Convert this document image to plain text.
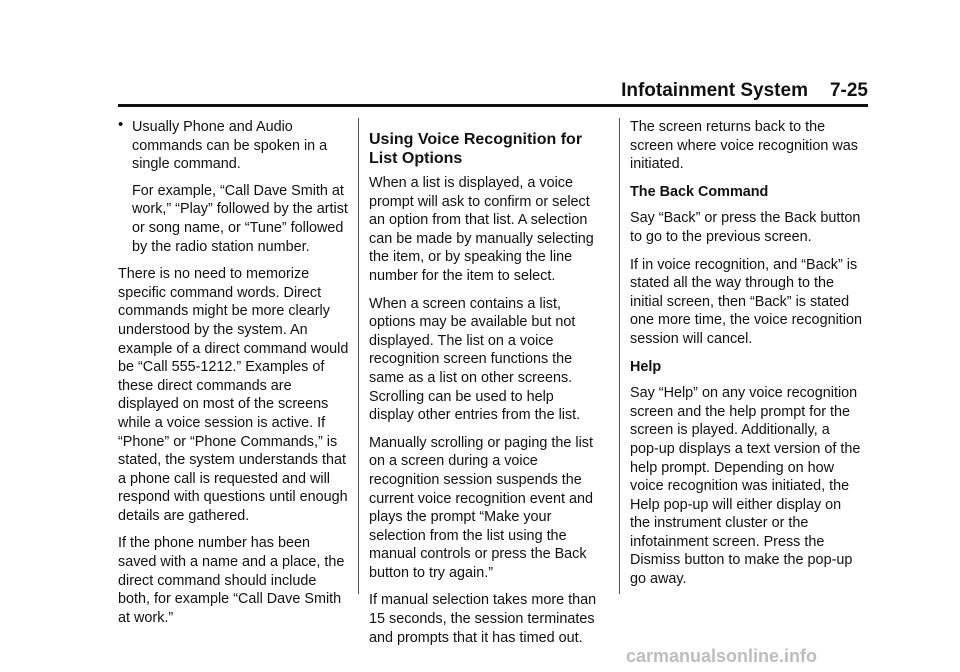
Infotainment System 7-25
• Usually Phone and Audio commands can be spoken in a single command.

For example, “Call Dave Smith at work,” “Play” followed by the artist or song name, or “Tune” followed by the radio station number.

There is no need to memorize specific command words. Direct commands might be more clearly understood by the system. An example of a direct command would be “Call 555-1212.” Examples of these direct commands are displayed on most of the screens while a voice session is active. If “Phone” or “Phone Commands,” is stated, the system understands that a phone call is requested and will respond with questions until enough details are gathered.

If the phone number has been saved with a name and a place, the direct command should include both, for example “Call Dave Smith at work.”

Using Voice Recognition for List Options

When a list is displayed, a voice prompt will ask to confirm or select an option from that list. A selection can be made by manually selecting the item, or by speaking the line number for the item to select.

When a screen contains a list, options may be available but not displayed. The list on a voice recognition screen functions the same as a list on other screens. Scrolling can be used to help display other entries from the list.

Manually scrolling or paging the list on a screen during a voice recognition session suspends the current voice recognition event and plays the prompt “Make your selection from the list using the manual controls or press the Back button to try again.”

If manual selection takes more than 15 seconds, the session terminates and prompts that it has timed out.

The screen returns back to the screen where voice recognition was initiated.

The Back Command

Say “Back” or press the Back button to go to the previous screen.

If in voice recognition, and “Back” is stated all the way through to the initial screen, then “Back” is stated one more time, the voice recognition session will cancel.

Help

Say “Help” on any voice recognition screen and the help prompt for the screen is played. Additionally, a pop-up displays a text version of the help prompt. Depending on how voice recognition was initiated, the Help pop-up will either display on the instrument cluster or the infotainment screen. Press the Dismiss button to make the pop-up go away.

carmanualsonline.info
